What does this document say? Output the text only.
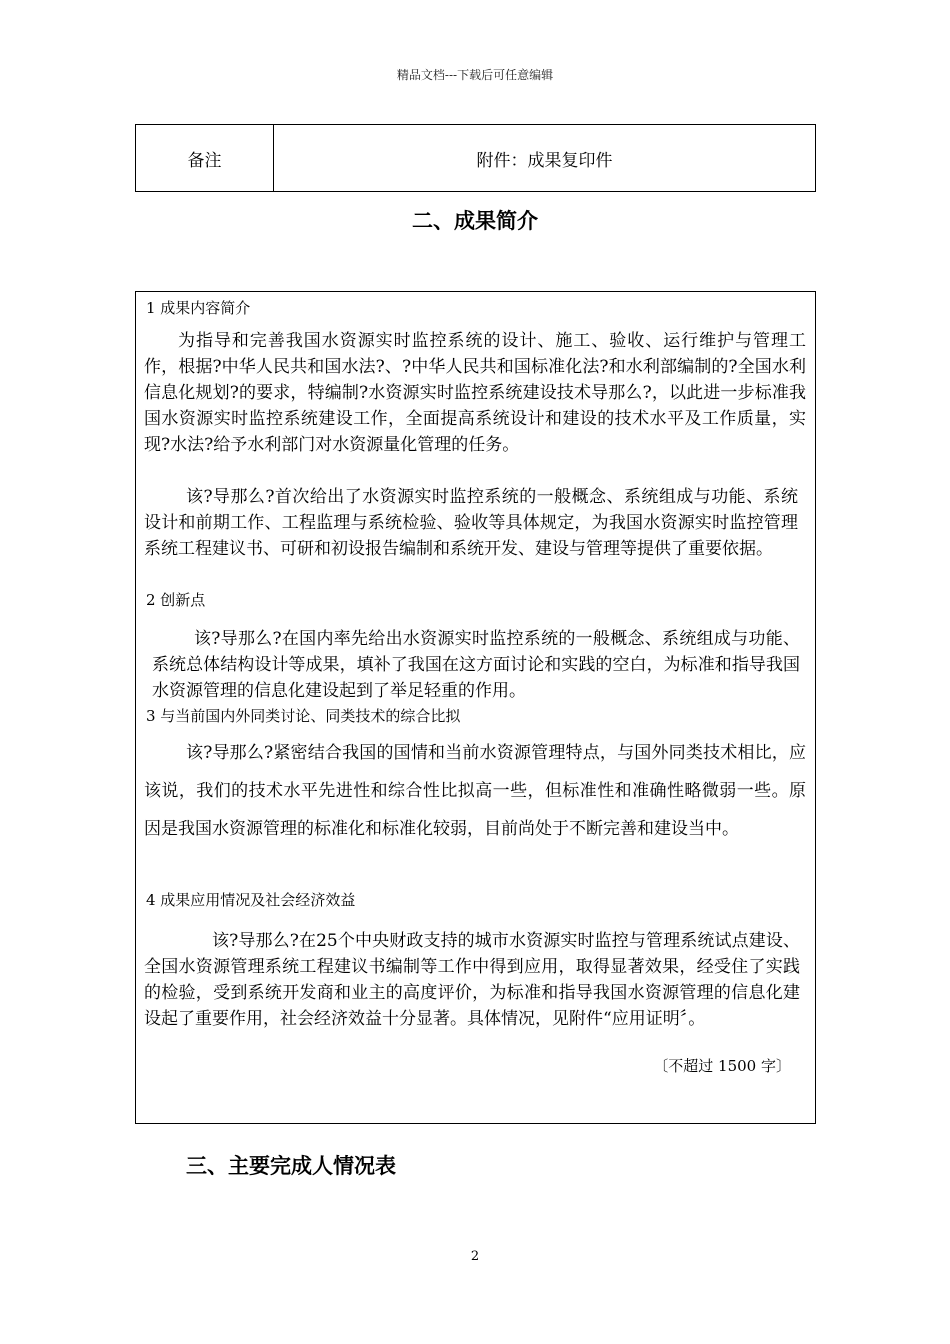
精品文档---下载后可任意编辑
备注	附件：成果复印件
二、成果简介
1 成果内容简介

为指导和完善我国水资源实时监控系统的设计、施工、验收、运行维护与管理工作，根据?中华人民共和国水法?、?中华人民共和国标准化法?和水利部编制的?全国水利信息化规划?的要求，特编制?水资源实时监控系统建设技术导那么?，以此进一步标准我国水资源实时监控系统建设工作，全面提高系统设计和建设的技术水平及工作质量，实现?水法?给予水利部门对水资源量化管理的任务。

该?导那么?首次给出了水资源实时监控系统的一般概念、系统组成与功能、系统设计和前期工作、工程监理与系统检验、验收等具体规定，为我国水资源实时监控管理系统工程建议书、可研和初设报告编制和系统开发、建设与管理等提供了重要依据。

2 创新点

该?导那么?在国内率先给出水资源实时监控系统的一般概念、系统组成与功能、系统总体结构设计等成果，填补了我国在这方面讨论和实践的空白，为标准和指导我国水资源管理的信息化建设起到了举足轻重的作用。

3 与当前国内外同类讨论、同类技术的综合比拟

该?导那么?紧密结合我国的国情和当前水资源管理特点，与国外同类技术相比，应该说，我们的技术水平先进性和综合性比拟高一些，但标准性和准确性略微弱一些。原因是我国水资源管理的标准化和标准化较弱，目前尚处于不断完善和建设当中。

4 成果应用情况及社会经济效益

该?导那么?在25个中央财政支持的城市水资源实时监控与管理系统试点建设、全国水资源管理系统工程建议书编制等工作中得到应用，取得显著效果，经受住了实践的检验，受到系统开发商和业主的高度评价，为标准和指导我国水资源管理的信息化建设起了重要作用，社会经济效益十分显著。具体情况，见附件“应用证明〞。

〔不超过 1500 字〕
三、主要完成人情况表
2
